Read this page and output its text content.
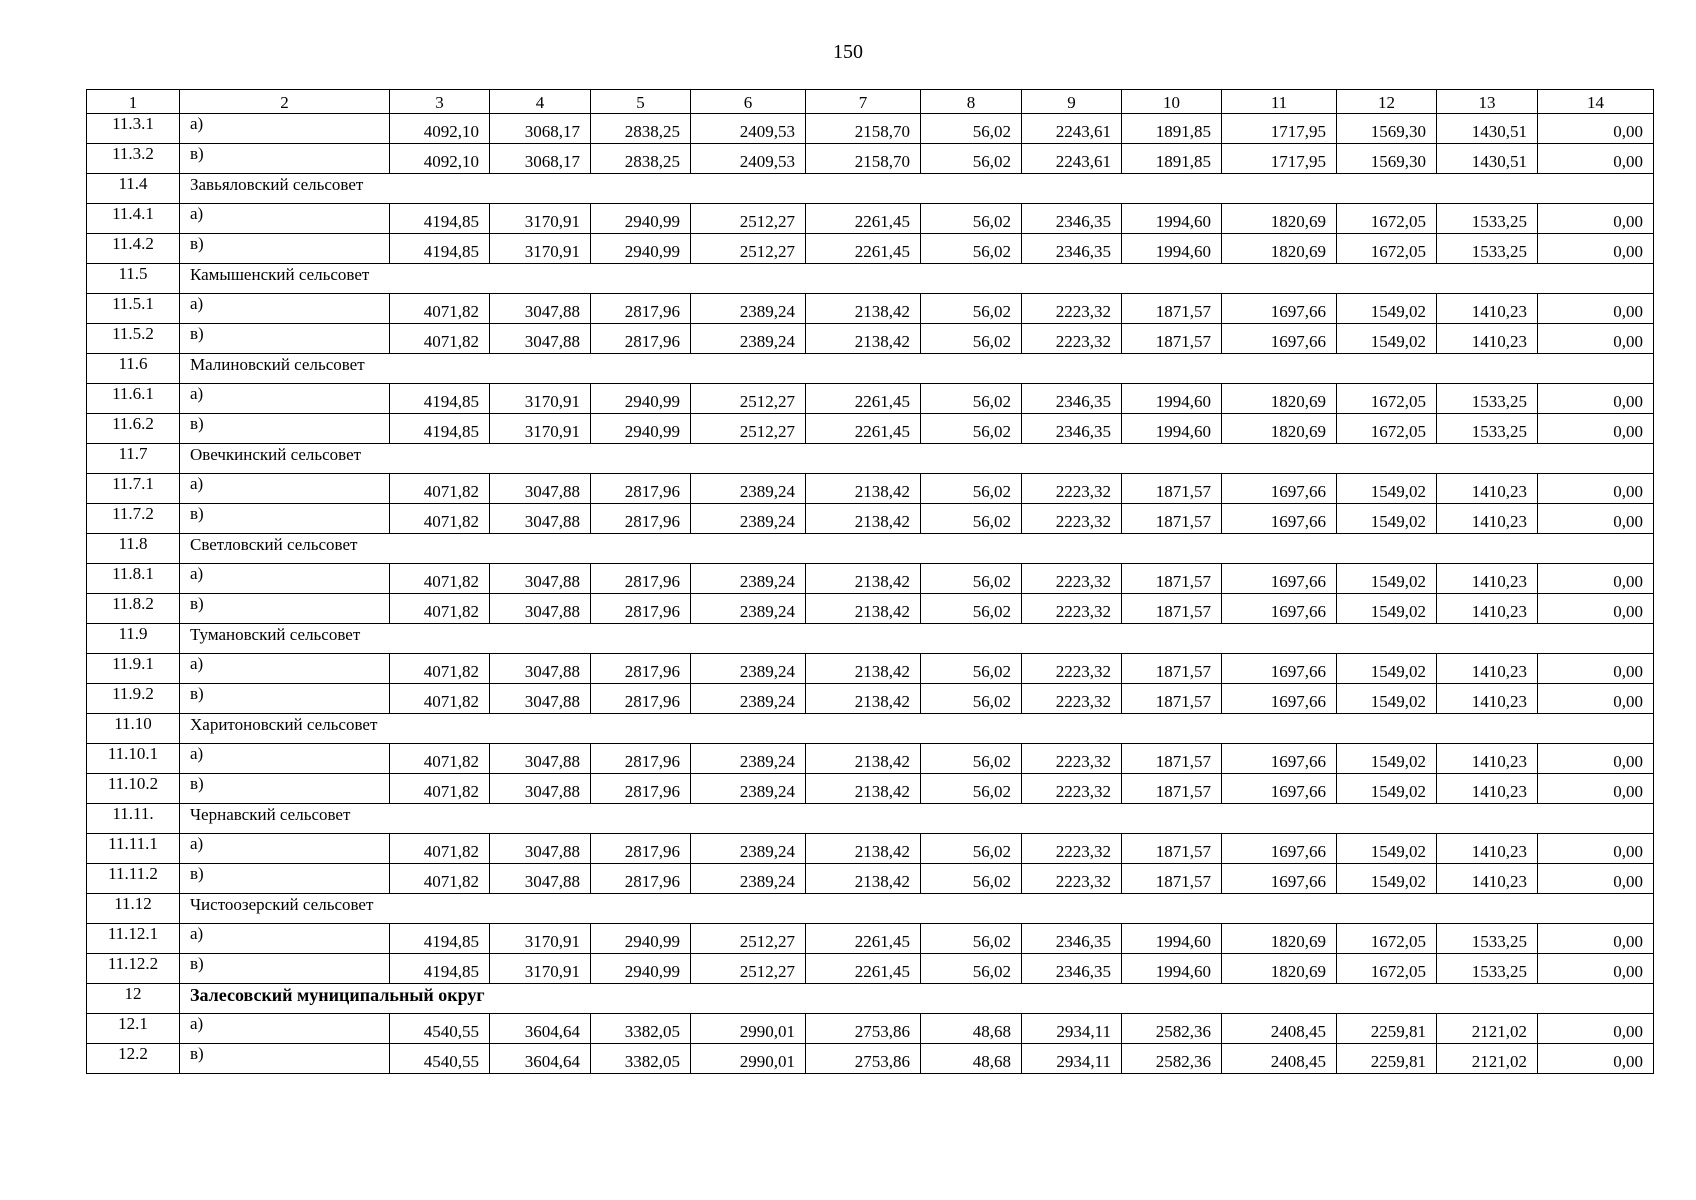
150
1	2	3	4	5	6	7	8	9	10	11	12	13	14
11.3.1	а)	4092,10	3068,17	2838,25	2409,53	2158,70	56,02	2243,61	1891,85	1717,95	1569,30	1430,51	0,00
11.3.2	в)	4092,10	3068,17	2838,25	2409,53	2158,70	56,02	2243,61	1891,85	1717,95	1569,30	1430,51	0,00
11.4	Завьяловский сельсовет												
11.4.1	а)	4194,85	3170,91	2940,99	2512,27	2261,45	56,02	2346,35	1994,60	1820,69	1672,05	1533,25	0,00
11.4.2	в)	4194,85	3170,91	2940,99	2512,27	2261,45	56,02	2346,35	1994,60	1820,69	1672,05	1533,25	0,00
11.5	Камышенский сельсовет												
11.5.1	а)	4071,82	3047,88	2817,96	2389,24	2138,42	56,02	2223,32	1871,57	1697,66	1549,02	1410,23	0,00
11.5.2	в)	4071,82	3047,88	2817,96	2389,24	2138,42	56,02	2223,32	1871,57	1697,66	1549,02	1410,23	0,00
11.6	Малиновский сельсовет												
11.6.1	а)	4194,85	3170,91	2940,99	2512,27	2261,45	56,02	2346,35	1994,60	1820,69	1672,05	1533,25	0,00
11.6.2	в)	4194,85	3170,91	2940,99	2512,27	2261,45	56,02	2346,35	1994,60	1820,69	1672,05	1533,25	0,00
11.7	Овечкинский сельсовет												
11.7.1	а)	4071,82	3047,88	2817,96	2389,24	2138,42	56,02	2223,32	1871,57	1697,66	1549,02	1410,23	0,00
11.7.2	в)	4071,82	3047,88	2817,96	2389,24	2138,42	56,02	2223,32	1871,57	1697,66	1549,02	1410,23	0,00
11.8	Светловский сельсовет												
11.8.1	а)	4071,82	3047,88	2817,96	2389,24	2138,42	56,02	2223,32	1871,57	1697,66	1549,02	1410,23	0,00
11.8.2	в)	4071,82	3047,88	2817,96	2389,24	2138,42	56,02	2223,32	1871,57	1697,66	1549,02	1410,23	0,00
11.9	Тумановский сельсовет												
11.9.1	а)	4071,82	3047,88	2817,96	2389,24	2138,42	56,02	2223,32	1871,57	1697,66	1549,02	1410,23	0,00
11.9.2	в)	4071,82	3047,88	2817,96	2389,24	2138,42	56,02	2223,32	1871,57	1697,66	1549,02	1410,23	0,00
11.10	Харитоновский сельсовет												
11.10.1	а)	4071,82	3047,88	2817,96	2389,24	2138,42	56,02	2223,32	1871,57	1697,66	1549,02	1410,23	0,00
11.10.2	в)	4071,82	3047,88	2817,96	2389,24	2138,42	56,02	2223,32	1871,57	1697,66	1549,02	1410,23	0,00
11.11.	Чернавский сельсовет												
11.11.1	а)	4071,82	3047,88	2817,96	2389,24	2138,42	56,02	2223,32	1871,57	1697,66	1549,02	1410,23	0,00
11.11.2	в)	4071,82	3047,88	2817,96	2389,24	2138,42	56,02	2223,32	1871,57	1697,66	1549,02	1410,23	0,00
11.12	Чистоозерский сельсовет												
11.12.1	а)	4194,85	3170,91	2940,99	2512,27	2261,45	56,02	2346,35	1994,60	1820,69	1672,05	1533,25	0,00
11.12.2	в)	4194,85	3170,91	2940,99	2512,27	2261,45	56,02	2346,35	1994,60	1820,69	1672,05	1533,25	0,00
12	Залесовский муниципальный округ												
12.1	а)	4540,55	3604,64	3382,05	2990,01	2753,86	48,68	2934,11	2582,36	2408,45	2259,81	2121,02	0,00
12.2	в)	4540,55	3604,64	3382,05	2990,01	2753,86	48,68	2934,11	2582,36	2408,45	2259,81	2121,02	0,00
